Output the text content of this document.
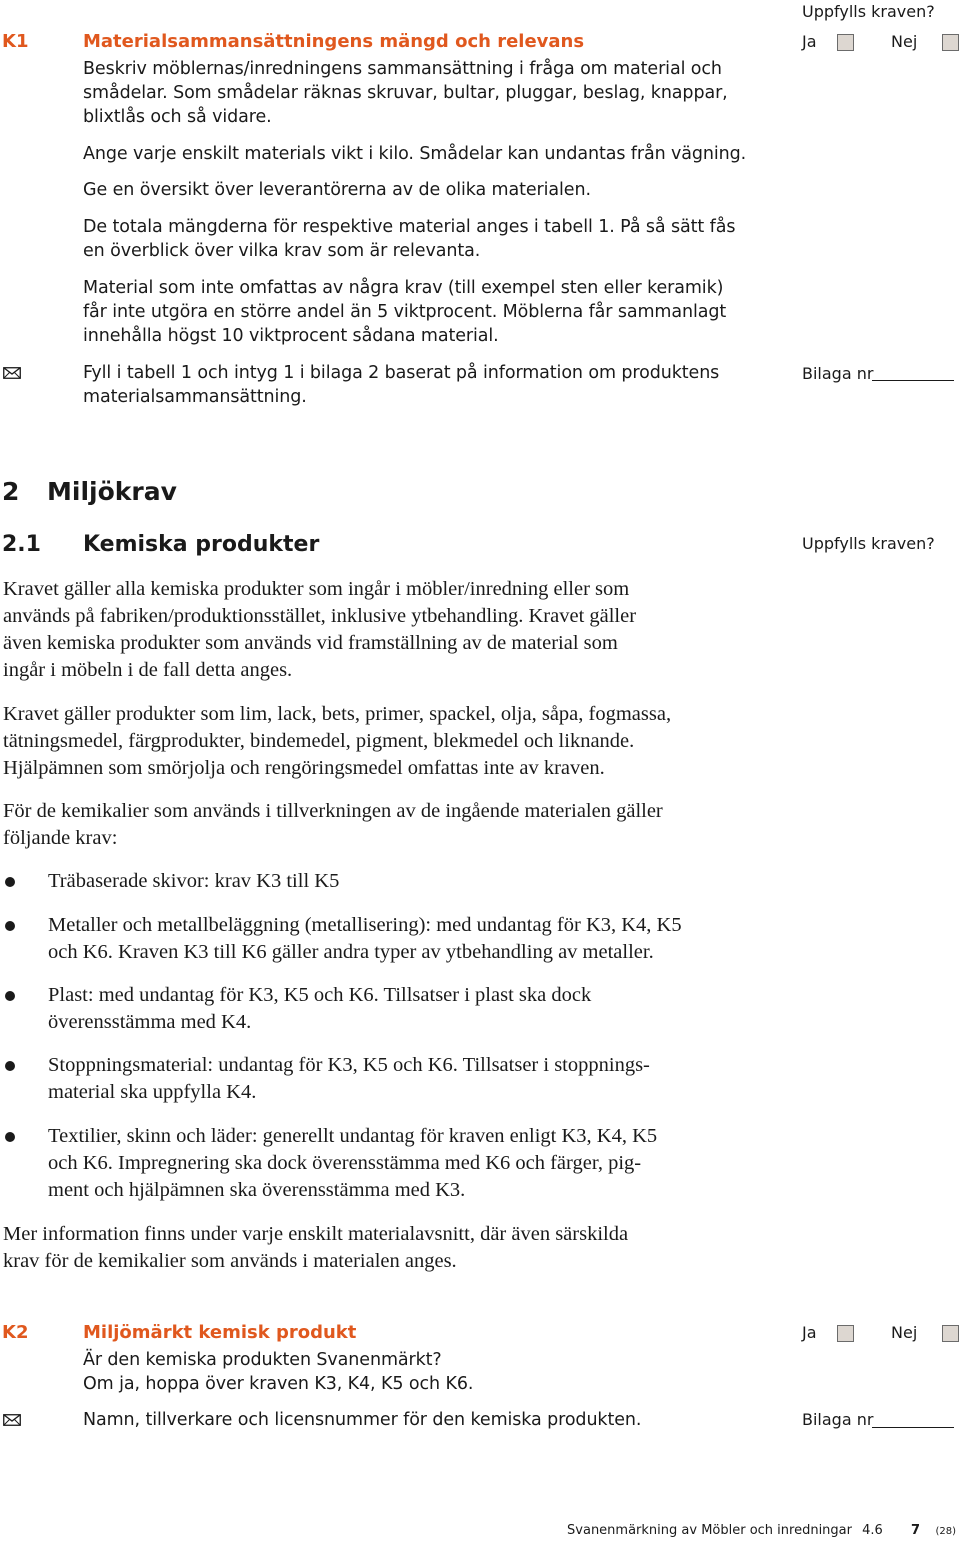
K1	Materialsammansättningens mängd och relevans
Uppfylls kraven?
Ja	Nej
Beskriv möblernas/inredningens sammansättning i fråga om material och
smådelar. Som smådelar räknas skruvar, bultar, pluggar, beslag, knappar,
blixtlås och så vidare.
Ange varje enskilt materials vikt i kilo. Smådelar kan undantas från vägning.
Ge en översikt över leverantörerna av de olika materialen.
De totala mängderna för respektive material anges i tabell 1. På så sätt fås
en överblick över vilka krav som är relevanta.
Material som inte omfattas av några krav (till exempel sten eller keramik)
får inte utgöra en större andel än 5 viktprocent. Möblerna får sammanlagt
innehålla högst 10 viktprocent sådana material.
Fyll i tabell 1 och intyg 1 i bilaga 2 baserat på information om produktens
materialsammansättning.
Bilaga nr
2 Miljökrav
2.1 Kemiska produkter	Uppfylls kraven?
Kravet gäller alla kemiska produkter som ingår i möbler/inredning eller som
används på fabriken/produktionsstället, inklusive ytbehandling. Kravet gäller
även kemiska produkter som används vid framställning av de material som
ingår i möbeln i de fall detta anges.
Kravet gäller produkter som lim, lack, bets, primer, spackel, olja, såpa, fogmassa,
tätningsmedel, färgprodukter, bindemedel, pigment, blekmedel och liknande.
Hjälpämnen som smörjolja och rengöringsmedel omfattas inte av kraven.
För de kemikalier som används i tillverkningen av de ingående materialen gäller
följande krav:
Träbaserade skivor: krav K3 till K5
Metaller och metallbeläggning (metallisering): med undantag för K3, K4, K5
och K6. Kraven K3 till K6 gäller andra typer av ytbehandling av metaller.
Plast: med undantag för K3, K5 och K6. Tillsatser i plast ska dock
överensstämma med K4.
Stoppningsmaterial: undantag för K3, K5 och K6. Tillsatser i stoppnings-
material ska uppfylla K4.
Textilier, skinn och läder: generellt undantag för kraven enligt K3, K4, K5
och K6. Impregnering ska dock överensstämma med K6 och färger, pig-
ment och hjälpämnen ska överensstämma med K3.
Mer information finns under varje enskilt materialavsnitt, där även särskilda
krav för de kemikalier som används i materialen anges.
K2	Miljömärkt kemisk produkt	Ja	Nej
Är den kemiska produkten Svanenmärkt?
Om ja, hoppa över kraven K3, K4, K5 och K6.
Namn, tillverkare och licensnummer för den kemiska produkten.	Bilaga nr
Svanenmärkning av Möbler och inredningar 4.6 7 (28)
